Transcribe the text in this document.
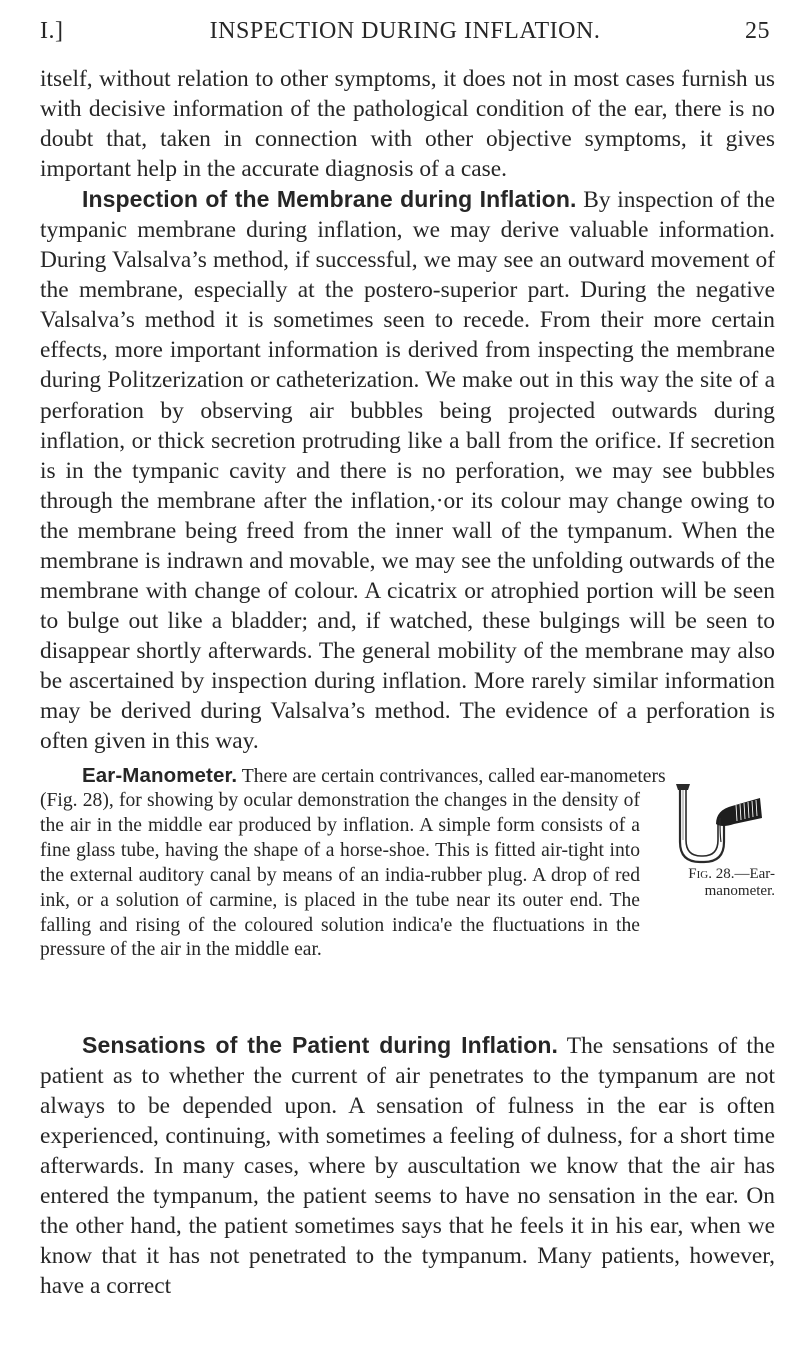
I.]	INSPECTION DURING INFLATION.	25

itself, without relation to other symptoms, it does not in most cases furnish us with decisive information of the pathological condition of the ear, there is no doubt that, taken in connection with other objective symptoms, it gives important help in the accurate diagnosis of a case.

Inspection of the Membrane during Inflation. By inspection of the tympanic membrane during inflation, we may derive valuable information. During Valsalva’s method, if successful, we may see an outward movement of the membrane, especially at the postero-superior part. During the negative Valsalva’s method it is sometimes seen to recede. From their more certain effects, more important information is derived from inspecting the membrane during Politzerization or catheterization. We make out in this way the site of a perforation by observing air bubbles being projected outwards during inflation, or thick secretion protruding like a ball from the orifice. If secretion is in the tympanic cavity and there is no perforation, we may see bubbles through the membrane after the inflation,·or its colour may change owing to the membrane being freed from the inner wall of the tympanum. When the membrane is indrawn and movable, we may see the unfolding outwards of the membrane with change of colour. A cicatrix or atrophied portion will be seen to bulge out like a bladder; and, if watched, these bulgings will be seen to disappear shortly afterwards. The general mobility of the membrane may also be ascertained by inspection during inflation. More rarely similar information may be derived during Valsalva’s method. The evidence of a perforation is often given in this way.

Ear-Manometer. There are certain contrivances, called ear-manometers

(Fig. 28), for showing by ocular demonstration the changes in the density of the air in the middle ear produced by inflation. A simple form consists of a fine glass tube, having the shape of a horse-shoe. This is fitted air-tight into the external auditory canal by means of an india-rubber plug. A drop of red ink, or a solution of carmine, is placed in the tube near its outer end. The falling and rising of the coloured solution indica'e the fluctuations in the pressure of the air in the middle ear.

Fig. 28.—Ear-
manometer.

Sensations of the Patient during Inflation. The sensations of the patient as to whether the current of air penetrates to the tympanum are not always to be depended upon. A sensation of fulness in the ear is often experienced, continuing, with sometimes a feeling of dulness, for a short time afterwards. In many cases, where by auscultation we know that the air has entered the tympanum, the patient seems to have no sensation in the ear. On the other hand, the patient sometimes says that he feels it in his ear, when we know that it has not penetrated to the tympanum. Many patients, however, have a correct
